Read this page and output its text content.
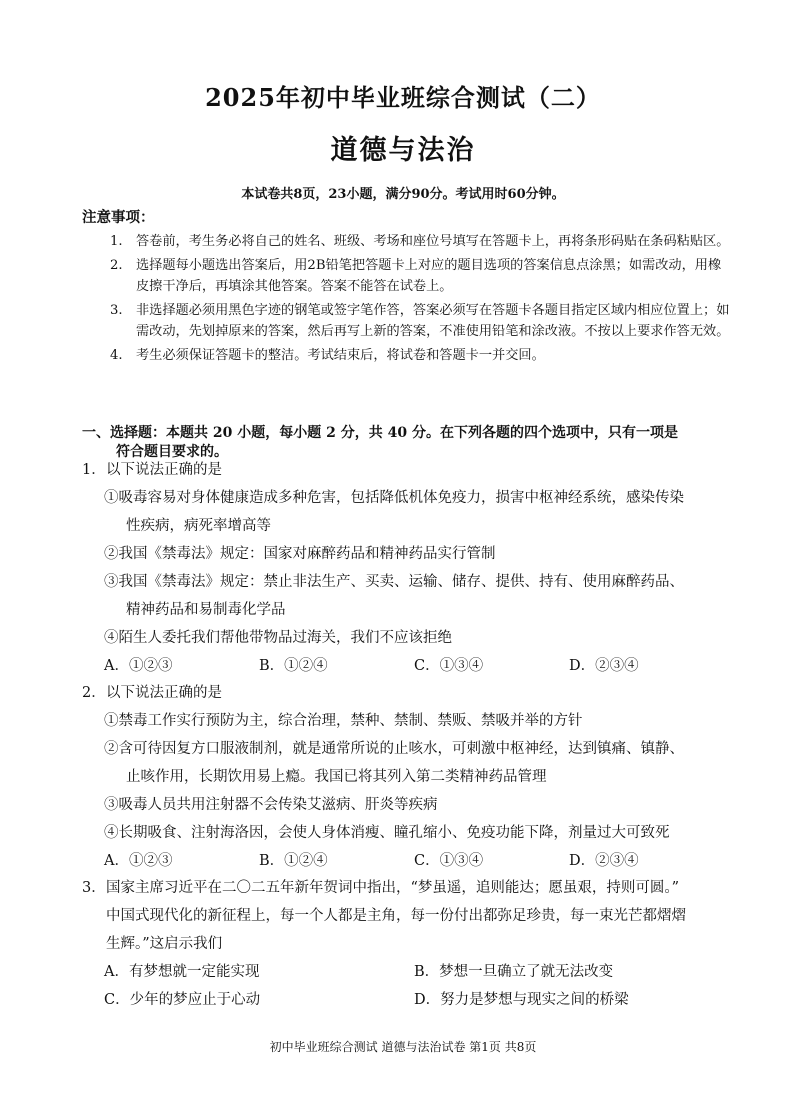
2025年初中毕业班综合测试（二）
道德与法治
本试卷共8页，23小题，满分90分。考试用时60分钟。
注意事项：
1. 答卷前，考生务必将自己的姓名、班级、考场和座位号填写在答题卡上，再将条形码贴在条码粘贴区。
2. 选择题每小题选出答案后，用2B铅笔把答题卡上对应的题目选项的答案信息点涂黑；如需改动，用橡皮擦干净后，再填涂其他答案。答案不能答在试卷上。
3. 非选择题必须用黑色字迹的钢笔或签字笔作答，答案必须写在答题卡各题目指定区域内相应位置上；如需改动，先划掉原来的答案，然后再写上新的答案，不准使用铅笔和涂改液。不按以上要求作答无效。
4. 考生必须保证答题卡的整洁。考试结束后，将试卷和答题卡一并交回。
一、选择题：本题共 20 小题，每小题 2 分，共 40 分。在下列各题的四个选项中，只有一项是
符合题目要求的。
1．以下说法正确的是
①吸毒容易对身体健康造成多种危害，包括降低机体免疫力，损害中枢神经系统，感染传染
性疾病，病死率增高等
②我国《禁毒法》规定：国家对麻醉药品和精神药品实行管制
③我国《禁毒法》规定：禁止非法生产、买卖、运输、储存、提供、持有、使用麻醉药品、
精神药品和易制毒化学品
④陌生人委托我们帮他带物品过海关，我们不应该拒绝
A．①②③	B．①②④	C．①③④	D．②③④
2．以下说法正确的是
①禁毒工作实行预防为主，综合治理，禁种、禁制、禁贩、禁吸并举的方针
②含可待因复方口服液制剂，就是通常所说的止咳水，可刺激中枢神经，达到镇痛、镇静、
止咳作用，长期饮用易上瘾。我国已将其列入第二类精神药品管理
③吸毒人员共用注射器不会传染艾滋病、肝炎等疾病
④长期吸食、注射海洛因，会使人身体消瘦、瞳孔缩小、免疫功能下降，剂量过大可致死
A．①②③	B．①②④	C．①③④	D．②③④
3．国家主席习近平在二〇二五年新年贺词中指出，“梦虽遥，追则能达；愿虽艰，持则可圆。”
中国式现代化的新征程上，每一个人都是主角，每一份付出都弥足珍贵，每一束光芒都熠熠
生辉。”这启示我们
A．有梦想就一定能实现	B．梦想一旦确立了就无法改变
C．少年的梦应止于心动	D．努力是梦想与现实之间的桥梁
初中毕业班综合测试 道德与法治试卷 第1页 共8页
